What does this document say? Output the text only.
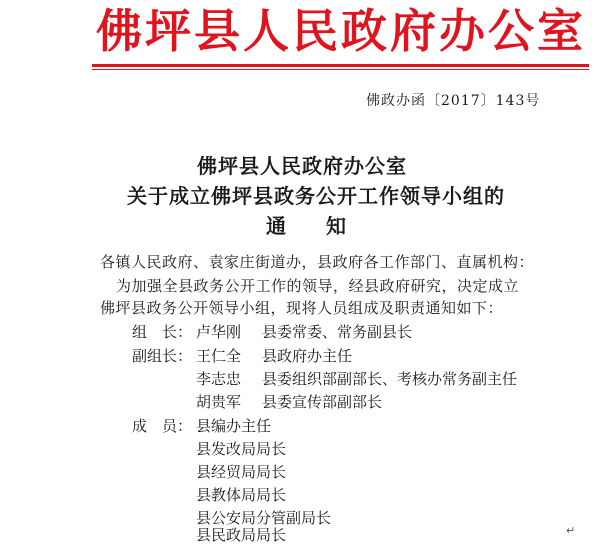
佛坪县人民政府办公室
佛政办函〔2017〕143号
佛坪县人民政府办公室
关于成立佛坪县政务公开工作领导小组的
通知
各镇人民政府、袁家庄街道办，县政府各工作部门、直属机构：
为加强全县政务公开工作的领导，经县政府研究，决定成立
佛坪县政务公开领导小组，现将人员组成及职责通知如下：
组　长： 卢华刚 县委常委、常务副县长
副组长： 王仁全 县政府办主任
李志忠 县委组织部副部长、考核办常务副主任
胡贵军 县委宣传部副部长
成　员： 县编办主任
县发改局局长
县经贸局局长
县教体局局长
县公安局分管副局长
县民政局局长	↵
